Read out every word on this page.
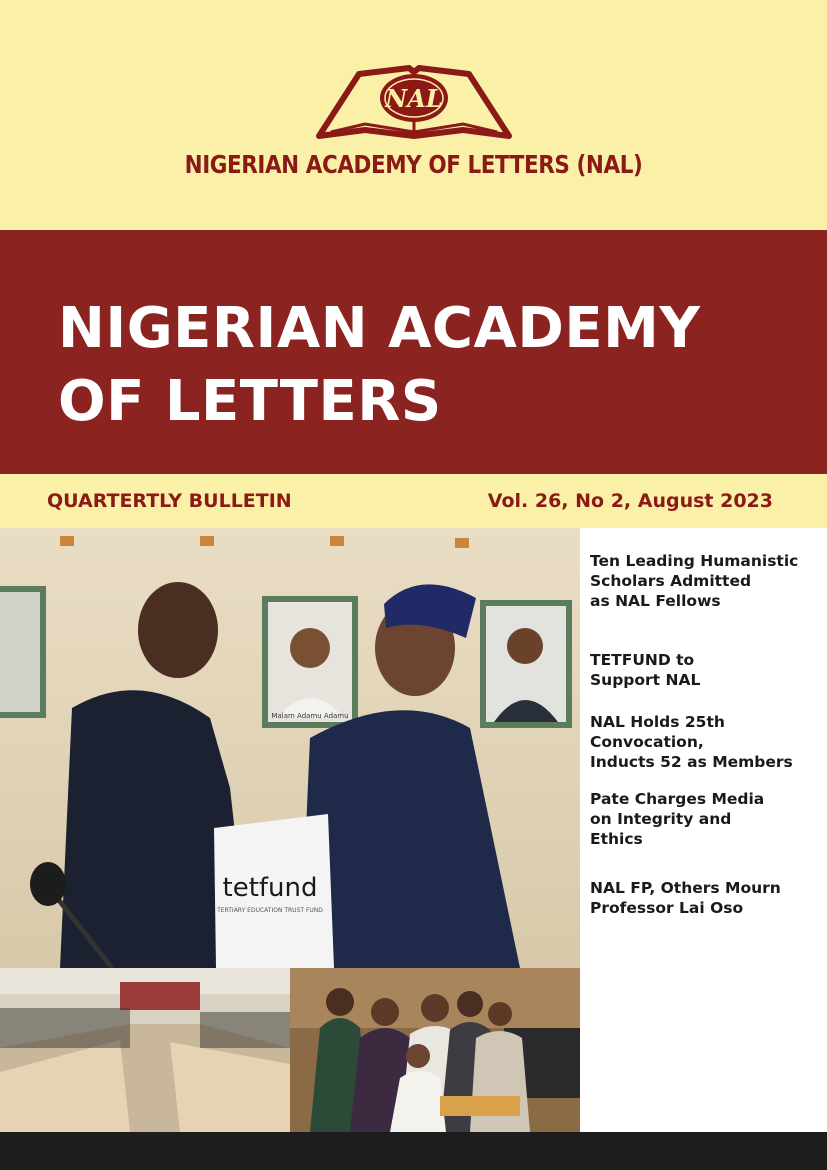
NAL
NIGERIAN ACADEMY OF LETTERS (NAL)
NIGERIAN ACADEMY
OF LETTERS
QUARTERTLY BULLETIN	Vol. 26, No 2, August 2023
Malam Adamu Adamu
tetfund
TERTIARY EDUCATION TRUST FUND
Ten Leading Humanistic
Scholars Admitted
as NAL Fellows
TETFUND to
Support NAL
NAL Holds 25th
Convocation,
Inducts 52 as Members
Pate Charges Media
on Integrity and
Ethics
NAL FP, Others Mourn
Professor Lai Oso
